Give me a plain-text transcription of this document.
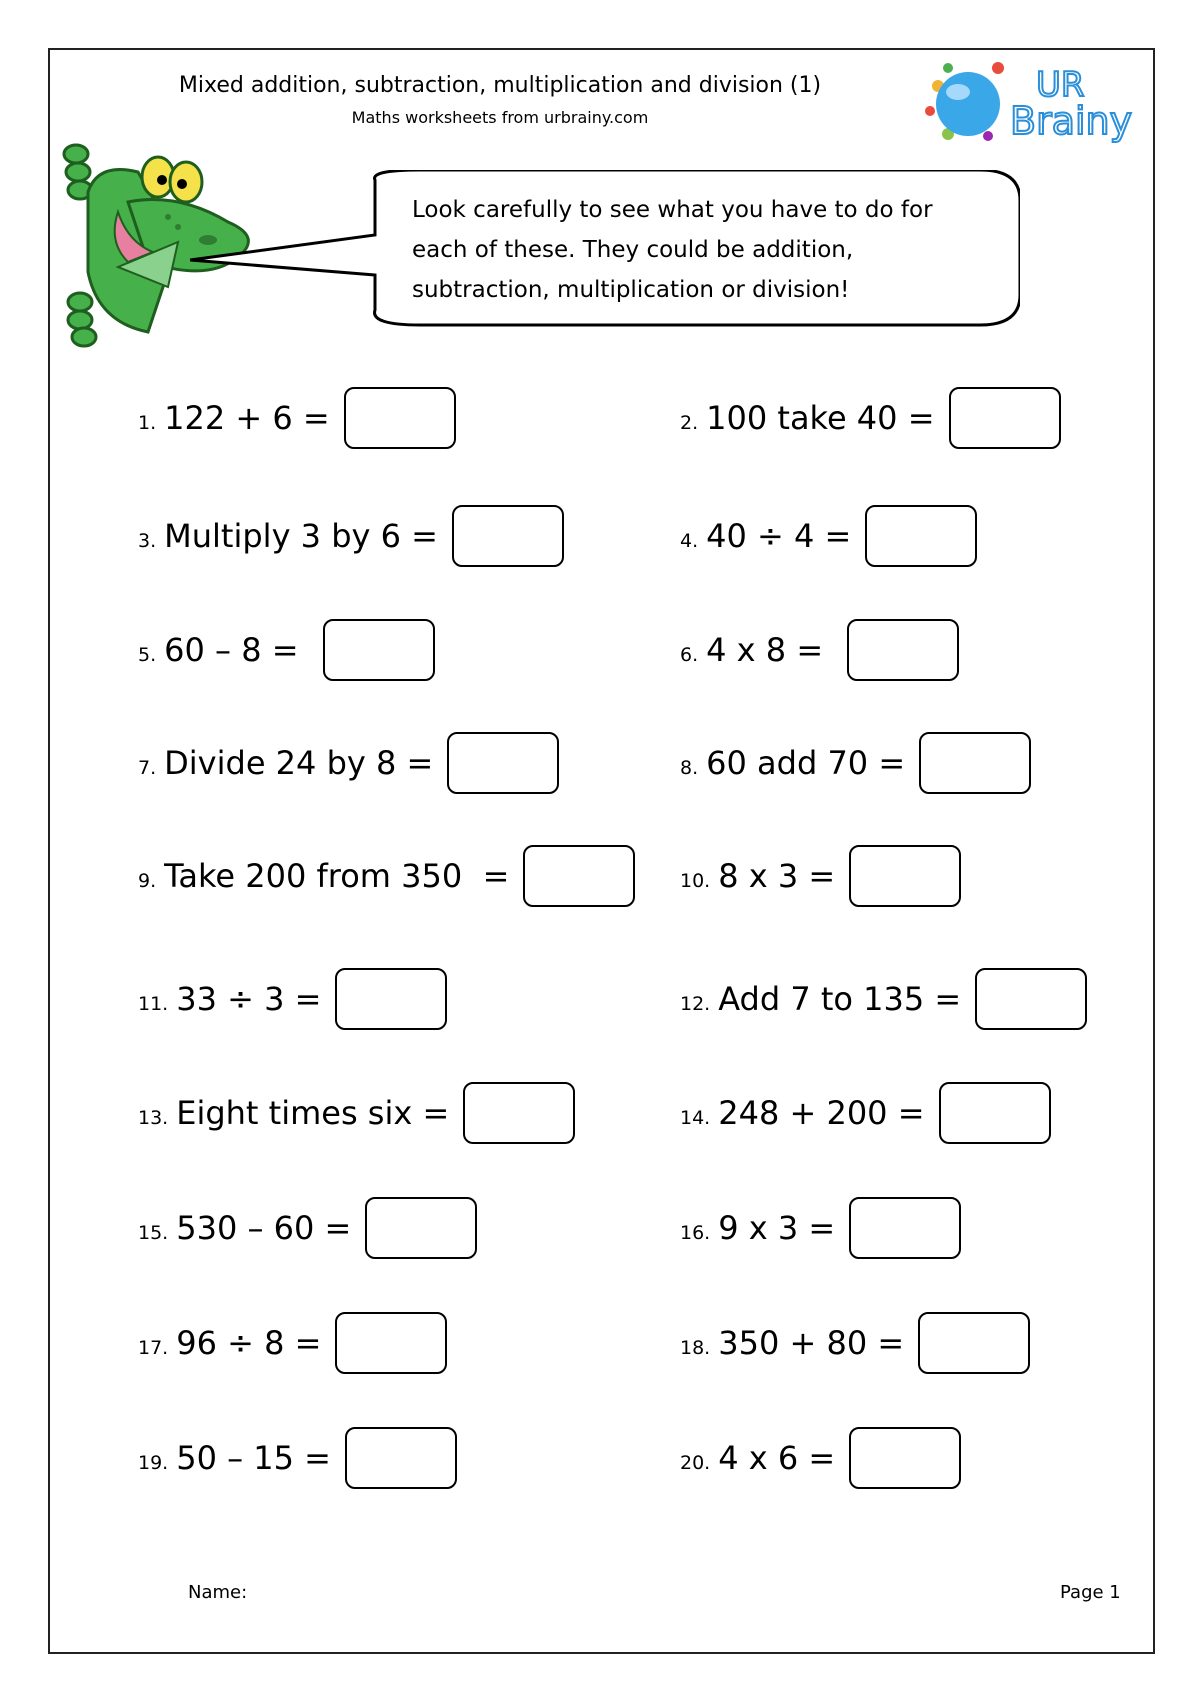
Mixed addition, subtraction, multiplication and division (1)
Maths worksheets from urbrainy.com
UR
Brainy
Look carefully to see what you have to do for
each of these. They could be addition,
subtraction, multiplication or division!
1. 122 + 6 =	2. 100 take 40 =
3. Multiply 3 by 6 =	4. 40 ÷ 4 =
5. 60 – 8 =	6. 4 x 8 =
7. Divide 24 by 8 =	8. 60 add 70 =
9. Take 200 from 350  =	10. 8 x 3 =
11. 33 ÷ 3 =	12. Add 7 to 135 =
13. Eight times six =	14. 248 + 200 =
15. 530 – 60 =	16. 9 x 3 =
17. 96 ÷ 8 =	18. 350 + 80 =
19. 50 – 15 =	20. 4 x 6 =
Name:	Page 1
